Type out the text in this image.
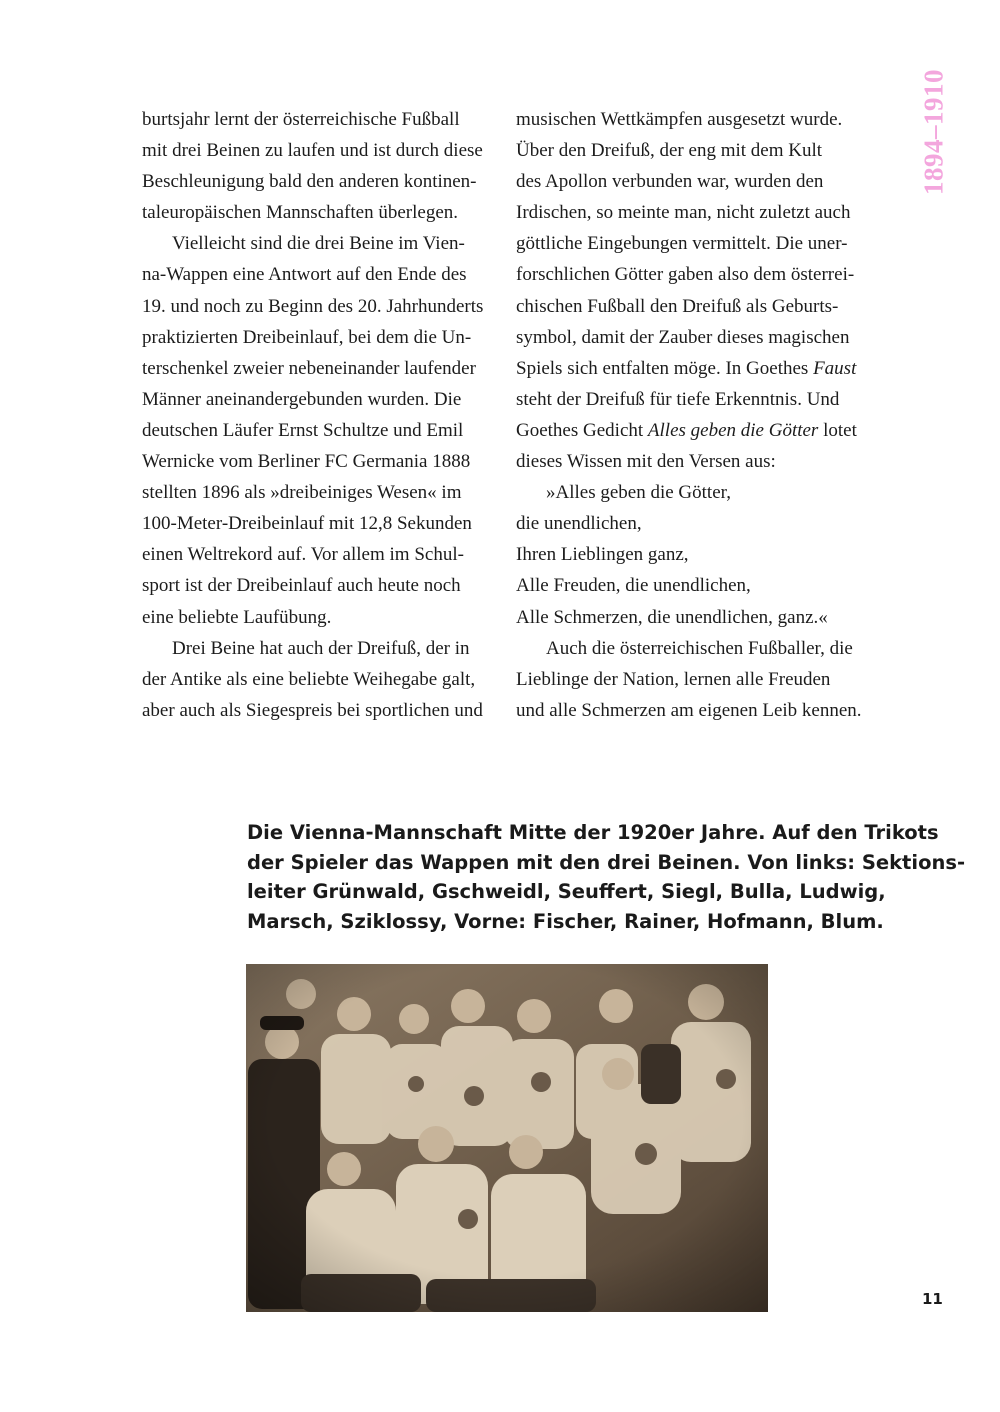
1894–1910
burtsjahr lernt der österreichische Fußball
mit drei Beinen zu laufen und ist durch diese
Beschleunigung bald den anderen kontinen-
taleuropäischen Mannschaften überlegen.
Vielleicht sind die drei Beine im Vien-
na-Wappen eine Antwort auf den Ende des
19. und noch zu Beginn des 20. Jahrhunderts
praktizierten Dreibeinlauf, bei dem die Un-
terschenkel zweier nebeneinander laufender
Männer aneinandergebunden wurden. Die
deutschen Läufer Ernst Schultze und Emil
Wernicke vom Berliner FC Germania 1888
stellten 1896 als »dreibeiniges Wesen« im
100-Meter-Dreibeinlauf mit 12,8 Sekunden
einen Weltrekord auf. Vor allem im Schul-
sport ist der Dreibeinlauf auch heute noch
eine beliebte Laufübung.
Drei Beine hat auch der Dreifuß, der in
der Antike als eine beliebte Weihegabe galt,
aber auch als Siegespreis bei sportlichen und
musischen Wettkämpfen ausgesetzt wurde.
Über den Dreifuß, der eng mit dem Kult
des Apollon verbunden war, wurden den
Irdischen, so meinte man, nicht zuletzt auch
göttliche Eingebungen vermittelt. Die uner-
forschlichen Götter gaben also dem österrei-
chischen Fußball den Dreifuß als Geburts-
symbol, damit der Zauber dieses magischen
Spiels sich entfalten möge. In Goethes Faust
steht der Dreifuß für tiefe Erkenntnis. Und
Goethes Gedicht Alles geben die Götter lotet
dieses Wissen mit den Versen aus:
»Alles geben die Götter,
die unendlichen,
Ihren Lieblingen ganz,
Alle Freuden, die unendlichen,
Alle Schmerzen, die unendlichen, ganz.«
Auch die österreichischen Fußballer, die
Lieblinge der Nation, lernen alle Freuden
und alle Schmerzen am eigenen Leib kennen.
Die Vienna-Mannschaft Mitte der 1920er Jahre. Auf den Trikots
der Spieler das Wappen mit den drei Beinen. Von links: Sektions-
leiter Grünwald, Gschweidl, Seuffert, Siegl, Bulla, Ludwig,
Marsch, Sziklossy, Vorne: Fischer, Rainer, Hofmann, Blum.
11
